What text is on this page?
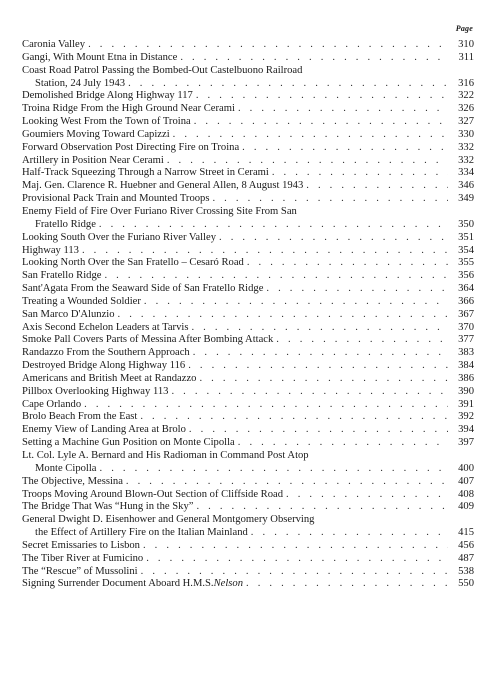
Page
Caronia Valley . . .	310
Gangi, With Mount Etna in Distance . . .	311
Coast Road Patrol Passing the Bombed-Out Castelbuono Railroad
Station, 24 July 1943 . . .	316
Demolished Bridge Along Highway 117 . . .	322
Troina Ridge From the High Ground Near Cerami . . .	326
Looking West From the Town of Troina . . .	327
Goumiers Moving Toward Capizzi . . .	330
Forward Observation Post Directing Fire on Troina . . .	332
Artillery in Position Near Cerami . . .	332
Half-Track Squeezing Through a Narrow Street in Cerami . . .	334
Maj. Gen. Clarence R. Huebner and General Allen, 8 August 1943 . . .	346
Provisional Pack Train and Mounted Troops . . .	349
Enemy Field of Fire Over Furiano River Crossing Site From San
Fratello Ridge . . .	350
Looking South Over the Furiano River Valley . . .	351
Highway 113 . . .	354
Looking North Over the San Fratello – Cesaró Road . . .	355
San Fratello Ridge . . .	356
Sant'Agata From the Seaward Side of San Fratello Ridge . . .	364
Treating a Wounded Soldier . . .	366
San Marco D'Alunzio . . .	367
Axis Second Echelon Leaders at Tarvis . . .	370
Smoke Pall Covers Parts of Messina After Bombing Attack . . .	377
Randazzo From the Southern Approach . . .	383
Destroyed Bridge Along Highway 116 . . .	384
Americans and British Meet at Randazzo . . .	386
Pillbox Overlooking Highway 113 . . .	390
Cape Orlando . . .	391
Brolo Beach From the East . . .	392
Enemy View of Landing Area at Brolo . . .	394
Setting a Machine Gun Position on Monte Cipolla . . .	397
Lt. Col. Lyle A. Bernard and His Radioman in Command Post Atop
Monte Cipolla . . .	400
The Objective, Messina . . .	407
Troops Moving Around Blown-Out Section of Cliffside Road . . .	408
The Bridge That Was “Hung in the Sky” . . .	409
General Dwight D. Eisenhower and General Montgomery Observing
the Effect of Artillery Fire on the Italian Mainland . . .	415
Secret Emissaries to Lisbon . . .	456
The Tiber River at Fumicino . . .	487
The “Rescue” of Mussolini . . .	538
Signing Surrender Document Aboard H.M.S. Nelson . . .	550
